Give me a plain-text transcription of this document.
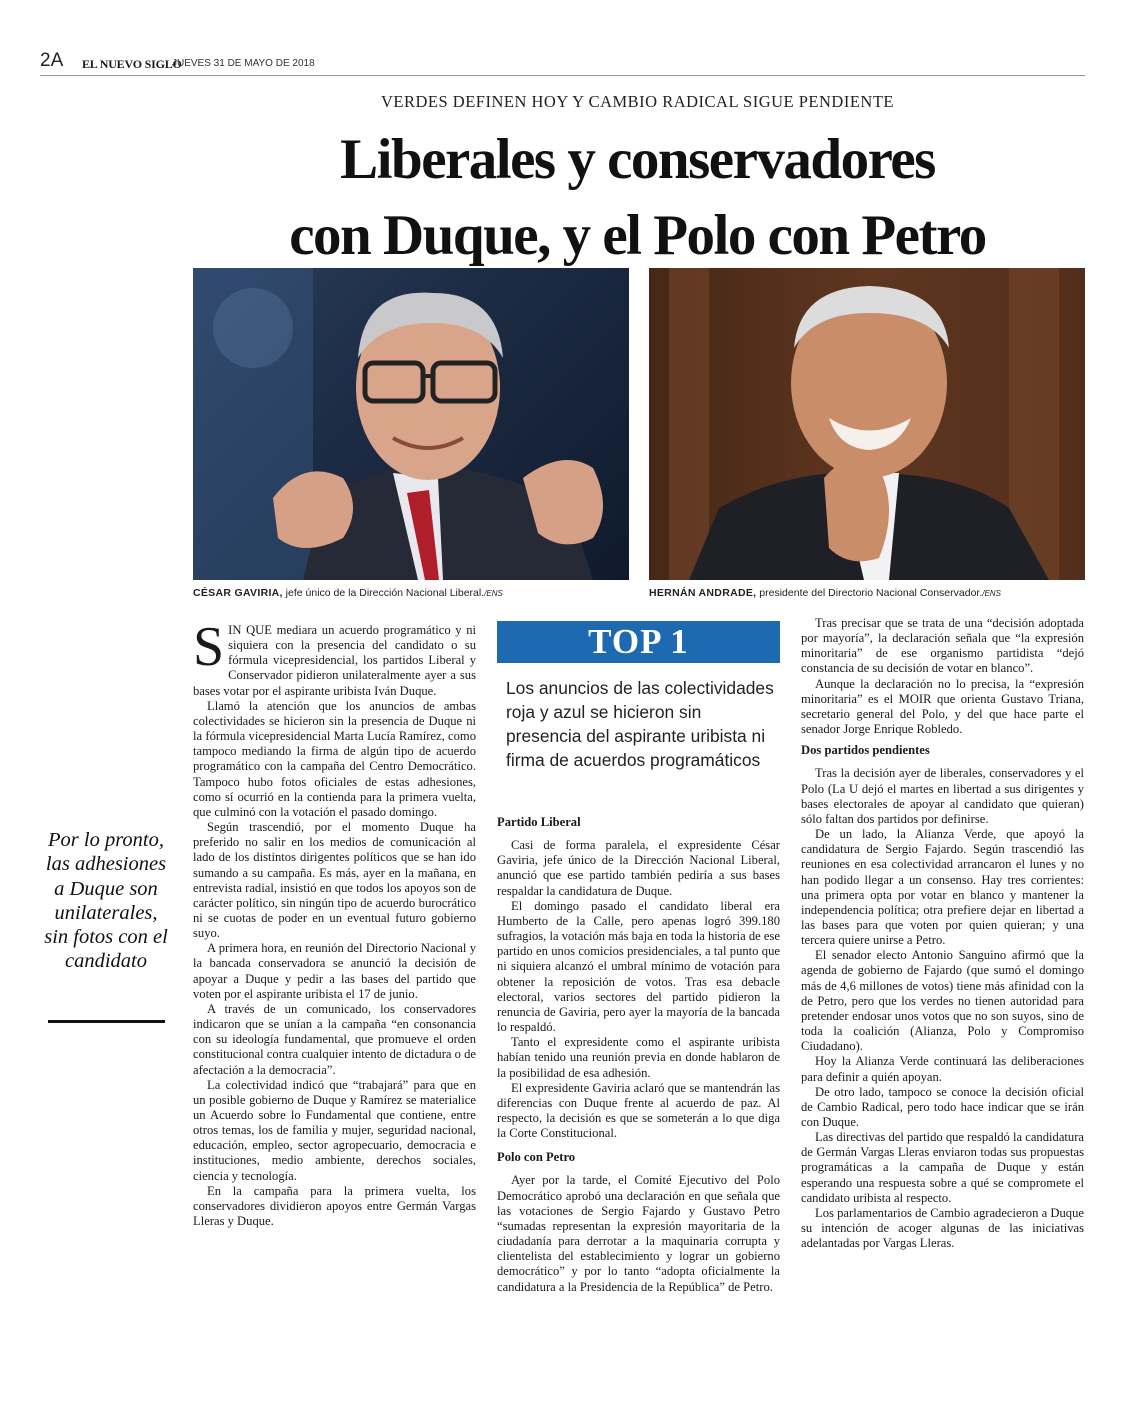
2A EL NUEVO SIGLO
JUEVES 31 DE MAYO DE 2018
VERDES DEFINEN HOY Y CAMBIO RADICAL SIGUE PENDIENTE
Liberales y conservadores
con Duque, y el Polo con Petro
CÉSAR GAVIRIA, jefe único de la Dirección Nacional Liberal./ENS	HERNÁN ANDRADE, presidente del Directorio Nacional Conservador./ENS
Por lo pronto, las adhesiones a Duque son unilaterales, sin fotos con el candidato

SIN QUE mediara un acuerdo programático y ni siquiera con la presencia del candidato o su fórmula vicepresidencial, los partidos Liberal y Conservador pidieron unilateralmente ayer a sus bases votar por el aspirante uribista Iván Duque.

Llamó la atención que los anuncios de ambas colectividades se hicieron sin la presencia de Duque ni la fórmula vicepresidencial Marta Lucía Ramírez, como tampoco mediando la firma de algún tipo de acuerdo programático con la campaña del Centro Democrático. Tampoco hubo fotos oficiales de estas adhesiones, como sí ocurrió en la contienda para la primera vuelta, que culminó con la votación el pasado domingo.

Según trascendió, por el momento Duque ha preferido no salir en los medios de comunicación al lado de los distintos dirigentes políticos que se han ido sumando a su campaña. Es más, ayer en la mañana, en entrevista radial, insistió en que todos los apoyos son de carácter político, sin ningún tipo de acuerdo burocrático ni se cuotas de poder en un eventual futuro gobierno suyo.

A primera hora, en reunión del Directorio Nacional y la bancada conservadora se anunció la decisión de apoyar a Duque y pedir a las bases del partido que voten por el aspirante uribista el 17 de junio.

A través de un comunicado, los conservadores indicaron que se unían a la campaña “en consonancia con su ideología fundamental, que promueve el orden constitucional contra cualquier intento de dictadura o de afectación a la democracia”.

La colectividad indicó que “trabajará” para que en un posible gobierno de Duque y Ramírez se materialice un Acuerdo sobre lo Fundamental que contiene, entre otros temas, los de familia y mujer, seguridad nacional, educación, empleo, sector agropecuario, democracia e instituciones, medio ambiente, derechos sociales, ciencia y tecnología.

En la campaña para la primera vuelta, los conservadores dividieron apoyos entre Germán Vargas Lleras y Duque.

TOP 1
Los anuncios de las colectividades roja y azul se hicieron sin presencia del aspirante uribista ni firma de acuerdos programáticos
Partido Liberal

Casi de forma paralela, el expresidente César Gaviria, jefe único de la Dirección Nacional Liberal, anunció que ese partido también pediría a sus bases respaldar la candidatura de Duque.

El domingo pasado el candidato liberal era Humberto de la Calle, pero apenas logró 399.180 sufragios, la votación más baja en toda la historia de ese partido en unos comicios presidenciales, a tal punto que ni siquiera alcanzó el umbral mínimo de votación para obtener la reposición de votos. Tras esa debacle electoral, varios sectores del partido pidieron la renuncia de Gaviria, pero ayer la mayoría de la bancada lo respaldó.

Tanto el expresidente como el aspirante uribista habían tenido una reunión previa en donde hablaron de la posibilidad de esa adhesión.

El expresidente Gaviria aclaró que se mantendrán las diferencias con Duque frente al acuerdo de paz. Al respecto, la decisión es que se someterán a lo que diga la Corte Constitucional.

Polo con Petro

Ayer por la tarde, el Comité Ejecutivo del Polo Democrático aprobó una declaración en que señala que las votaciones de Sergio Fajardo y Gustavo Petro “sumadas representan la expresión mayoritaria de la ciudadanía para derrotar a la maquinaria corrupta y clientelista del establecimiento y lograr un gobierno democrático” y por lo tanto “adopta oficialmente la candidatura a la Presidencia de la República” de Petro.

Tras precisar que se trata de una “decisión adoptada por mayoría”, la declaración señala que “la expresión minoritaria” de ese organismo partidista “dejó constancia de su decisión de votar en blanco”.

Aunque la declaración no lo precisa, la “expresión minoritaria” es el MOIR que orienta Gustavo Triana, secretario general del Polo, y del que hace parte el senador Jorge Enrique Robledo.

Dos partidos pendientes

Tras la decisión ayer de liberales, conservadores y el Polo (La U dejó el martes en libertad a sus dirigentes y bases electorales de apoyar al candidato que quieran) sólo faltan dos partidos por definirse.

De un lado, la Alianza Verde, que apoyó la candidatura de Sergio Fajardo. Según trascendió las reuniones en esa colectividad arrancaron el lunes y no han podido llegar a un consenso. Hay tres corrientes: una primera opta por votar en blanco y mantener la independencia política; otra prefiere dejar en libertad a las bases para que voten por quien quieran; y una tercera quiere unirse a Petro.

El senador electo Antonio Sanguino afirmó que la agenda de gobierno de Fajardo (que sumó el domingo más de 4,6 millones de votos) tiene más afinidad con la de Petro, pero que los verdes no tienen autoridad para pretender endosar unos votos que no son suyos, sino de toda la coalición (Alianza, Polo y Compromiso Ciudadano).

Hoy la Alianza Verde continuará las deliberaciones para definir a quién apoyan.

De otro lado, tampoco se conoce la decisión oficial de Cambio Radical, pero todo hace indicar que se irán con Duque.

Las directivas del partido que respaldó la candidatura de Germán Vargas Lleras enviaron todas sus propuestas programáticas a la campaña de Duque y están esperando una respuesta sobre a qué se compromete el candidato uribista al respecto.

Los parlamentarios de Cambio agradecieron a Duque su intención de acoger algunas de las iniciativas adelantadas por Vargas Lleras.
